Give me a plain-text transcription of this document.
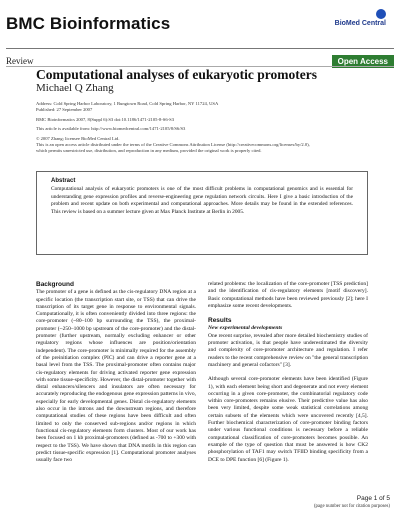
BMC Bioinformatics	BioMed Central
Review	Open Access
Computational analyses of eukaryotic promoters
Michael Q Zhang
Address: Cold Spring Harbor Laboratory, 1 Bungtown Road, Cold Spring Harbor, NY 11724, USA
Published: 27 September 2007
BMC Bioinformatics 2007, 8(Suppl 6):S3 doi:10.1186/1471-2105-8-S6-S3
This article is available from: http://www.biomedcentral.com/1471-2105/8/S6/S3
© 2007 Zhang; licensee BioMed Central Ltd.
This is an open access article distributed under the terms of the Creative Commons Attribution License (http://creativecommons.org/licenses/by/2.0),
which permits unrestricted use, distribution, and reproduction in any medium, provided the original work is properly cited.
Abstract
Computational analysis of eukaryotic promoters is one of the most difficult problems in computational genomics and is essential for understanding gene expression profiles and reverse-engineering gene regulation network circuits. Here I give a basic introduction of the problem and recent update on both experimental and computational approaches. More details may be found in the extended references. This review is based on a summer lecture given at Max Planck Institute at Berlin in 2005.
Background

The promoter of a gene is defined as the cis-regulatory DNA region at a specific location (the transcription start site, or TSS) that can drive the transcription of its target gene in response to environmental signals. Computationally, it is often conveniently divided into three regions: the core-promoter (~80–100 bp surrounding the TSS), the proximal-promoter (~250–1000 bp upstream of the core-promoter) and the distal-promoter (further upstream, normally excluding enhancer or other regulatory regions whose influences are position/orientation independent). The core-promoter is minimally required for the assembly of the preinitiation complex (PIC) and can drive a reporter gene at a basal level from the TSS. The proximal-promoter often contains major cis-regulatory elements for driving activated reporter gene expression with some tissue-specificity. However, the distal-promoter together with distal enhancers/silencers and insulators are often necessary for accurately reproducing the endogenous gene expression patterns in vivo, especially for early developmental genes. Distal cis-regulatory elements also occur in the introns and the downstream regions, and therefore computational studies of these regions have been difficult and often limited to only the conserved sub-regions and/or regions in which functional cis-regulatory elements form clusters. Most of our work has been focused on 1 kb proximal-promoters (defined as -700 to +300 with respect to the TSS). We have shown that DNA motifs in this region can predict tissue-specific expression [1]. Computational promoter analyses usually face two

related problems: the localization of the core-promoter [TSS prediction] and the identification of cis-regulatory elements [motif discovery]. Basic computational methods have been reviewed previously [2]; here I emphasize some recent developments.

Results
New experimental developments

One recent surprise, revealed after more detailed biochemistry studies of promoter activation, is that people have underestimated the diversity and complexity of core-promoter architecture and regulation. I refer readers to the recent comprehensive review on "the general transcription machinery and general cofactors" [3].

Although several core-promoter elements have been identified (Figure 1), with each element being short and degenerate and not every element occurring in a given core-promoter, the combinatorial regulatory code within core-promoters remains elusive. Their predictive value has also been very limited, despite some weak statistical correlations among certain subsets of the elements which were uncovered recently [4,5]. Further biochemical characterization of core-promoter binding factors under various functional conditions is necessary before a reliable computational classification of core-promoters becomes possible. An example of the type of question that must be answered is how CK2 phosphorylation of TAF1 may switch TFIID binding specificity from a DCE to DPE function [6] (Figure 1).

Page 1 of 5
(page number not for citation purposes)
